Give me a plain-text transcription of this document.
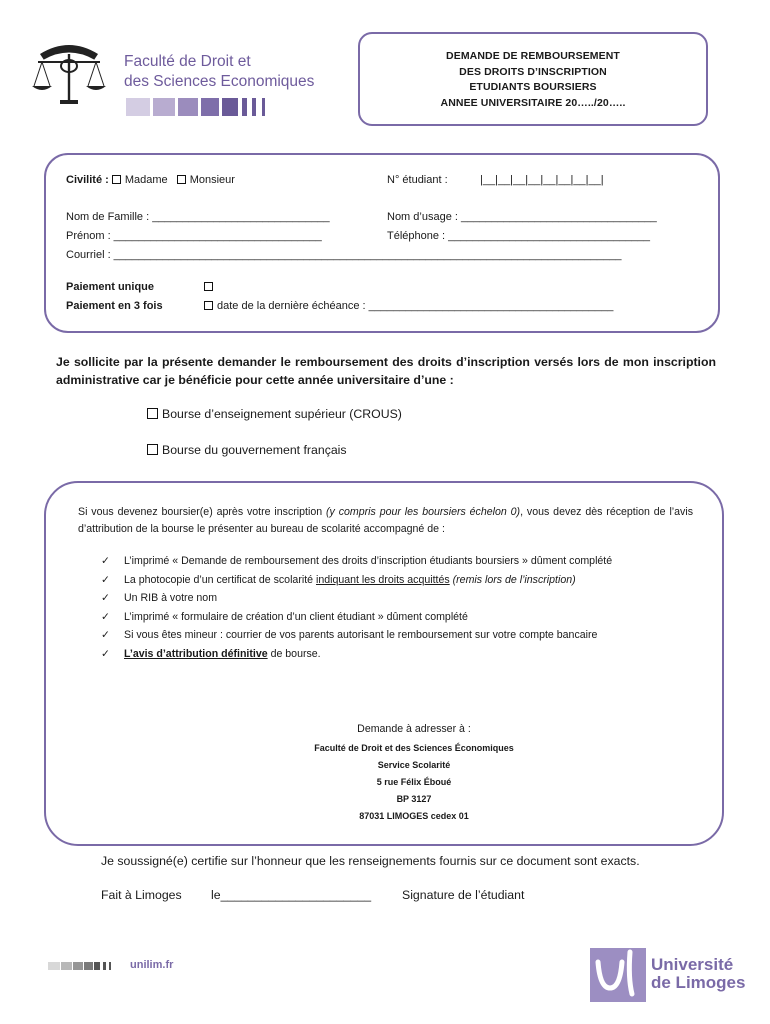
Faculté de Droit et
des Sciences Economiques
DEMANDE DE REMBOURSEMENT
DES DROITS D’INSCRIPTION
ETUDIANTS BOURSIERS
ANNEE UNIVERSITAIRE 20…../20…..
Civilité : Madame Monsieur	N° étudiant :	|__|__|__|__|__|__|__|__|
Nom de Famille : _____________________________	Nom d’usage : ________________________________
Prénom : __________________________________	Téléphone : _________________________________
Courriel : ___________________________________________________________________________________
Paiement unique
Paiement en 3 fois	date de la dernière échéance : ________________________________________
Je sollicite par la présente demander le remboursement des droits d’inscription versés lors de mon inscription administrative car je bénéficie pour cette année universitaire d’une :
Bourse d’enseignement supérieur (CROUS)
Bourse du gouvernement français
Si vous devenez boursier(e) après votre inscription (y compris pour les boursiers échelon 0), vous devez dès réception de l’avis d’attribution de la bourse le présenter au bureau de scolarité accompagné de :
✓ L’imprimé « Demande de remboursement des droits d’inscription étudiants boursiers » dûment complété
✓ La photocopie d’un certificat de scolarité indiquant les droits acquittés (remis lors de l’inscription)
✓ Un RIB à votre nom
✓ L’imprimé « formulaire de création d’un client étudiant » dûment complété
✓ Si vous êtes mineur : courrier de vos parents autorisant le remboursement sur votre compte bancaire
✓ L’avis d’attribution définitive de bourse.
Demande à adresser à :
Faculté de Droit et des Sciences Économiques
Service Scolarité
5 rue Félix Éboué
BP 3127
87031 LIMOGES cedex 01
Je soussigné(e) certifie sur l’honneur que les renseignements fournis sur ce document sont exacts.
Fait à Limoges le______________________	Signature de l’étudiant
unilim.fr	Université
de Limoges
